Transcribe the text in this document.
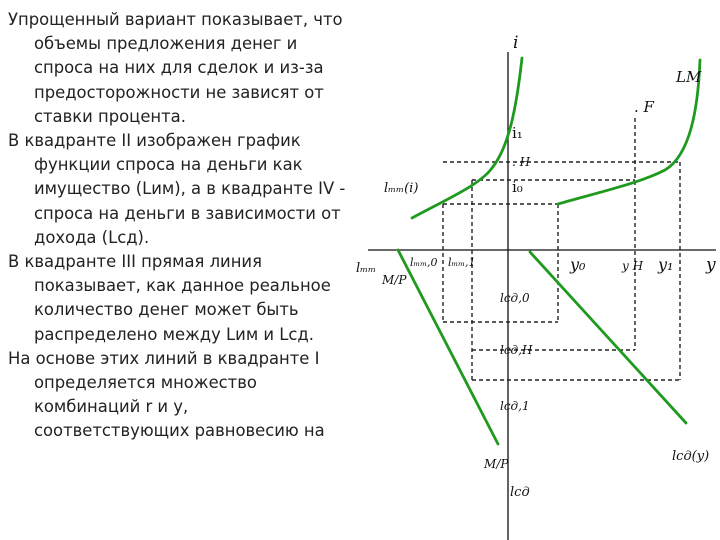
Упрощенный вариант показывает, что объемы предложения денег и спроса на них для сделок и из-за предосторожности не зависят от ставки процента.

В квадранте II изображен график функции спроса на деньги как имущество (Lим), а в квадранте IV - спроса на деньги в зависимости от дохода (Lсд).

В квадранте III прямая линия показывает, как данное реальное количество денег может быть распределено между Lим и Lсд.

На основе этих линий в квадранте I определяется множество комбинаций r и y, соответствующих равновесию на

i
y
LM
. F
i₁
. H
i₀
lₘₘ(i)
lₘₘ	lₘₘ,0 lₘₘ,1	y₀	y H y₁
M/P
lсд,0
lсд,H
lсд,1
lсд(y)
M/P
lсд
